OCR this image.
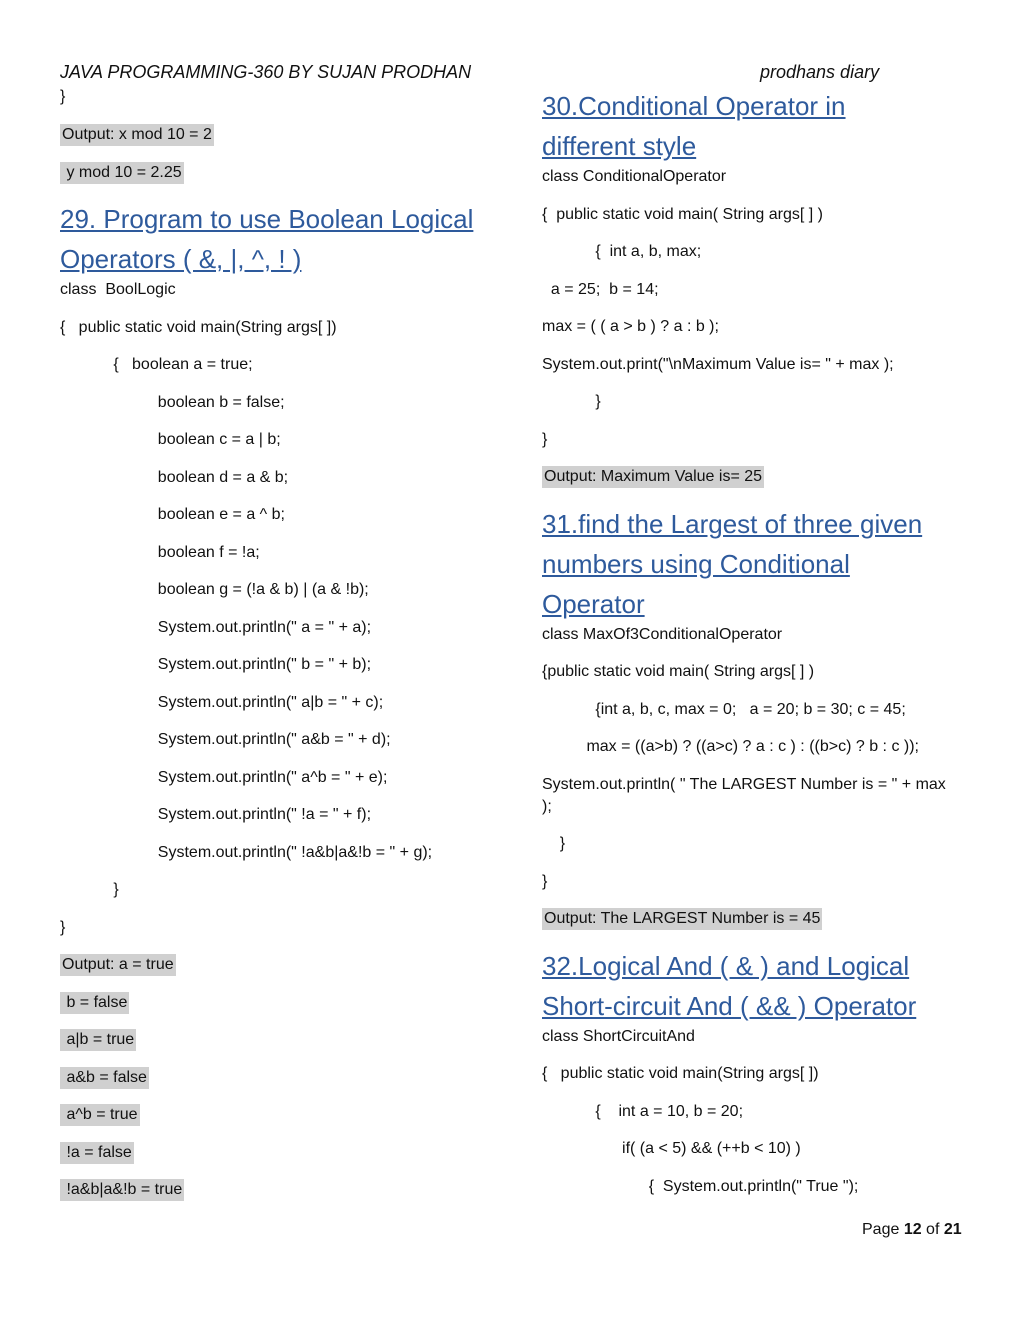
JAVA PROGRAMMING-360 BY SUJAN PRODHAN	prodhans diary
}
Output: x mod 10 = 2
y mod 10 = 2.25
29. Program to use Boolean Logical
Operators ( &, |, ^, ! )
class  BoolLogic
{   public static void main(String args[ ])
{   boolean a = true;
boolean b = false;
boolean c = a | b;
boolean d = a & b;
boolean e = a ^ b;
boolean f = !a;
boolean g = (!a & b) | (a & !b);
System.out.println(" a = " + a);
System.out.println(" b = " + b);
System.out.println(" a|b = " + c);
System.out.println(" a&b = " + d);
System.out.println(" a^b = " + e);
System.out.println(" !a = " + f);
System.out.println(" !a&b|a&!b = " + g);
}
}
Output: a = true
b = false
a|b = true
a&b = false
a^b = true
!a = false
!a&b|a&!b = true
30.Conditional Operator in
different style
class ConditionalOperator
{  public static void main( String args[ ] )
{  int a, b, max;
a = 25;  b = 14;
max = ( ( a > b ) ? a : b );
System.out.print("\nMaximum Value is= " + max );
}
}
Output: Maximum Value is= 25
31.find the Largest of three given
numbers using Conditional
Operator
class MaxOf3ConditionalOperator
{public static void main( String args[ ] )
{int a, b, c, max = 0;   a = 20; b = 30; c = 45;
max = ((a>b) ? ((a>c) ? a : c ) : ((b>c) ? b : c ));
System.out.println( " The LARGEST Number is = " + max
);
}
}
Output: The LARGEST Number is = 45
32.Logical And ( & ) and Logical
Short-circuit And ( && ) Operator
class ShortCircuitAnd
{   public static void main(String args[ ])
{    int a = 10, b = 20;
if( (a < 5) && (++b < 10) )
{  System.out.println(" True ");
Page 12 of 21
